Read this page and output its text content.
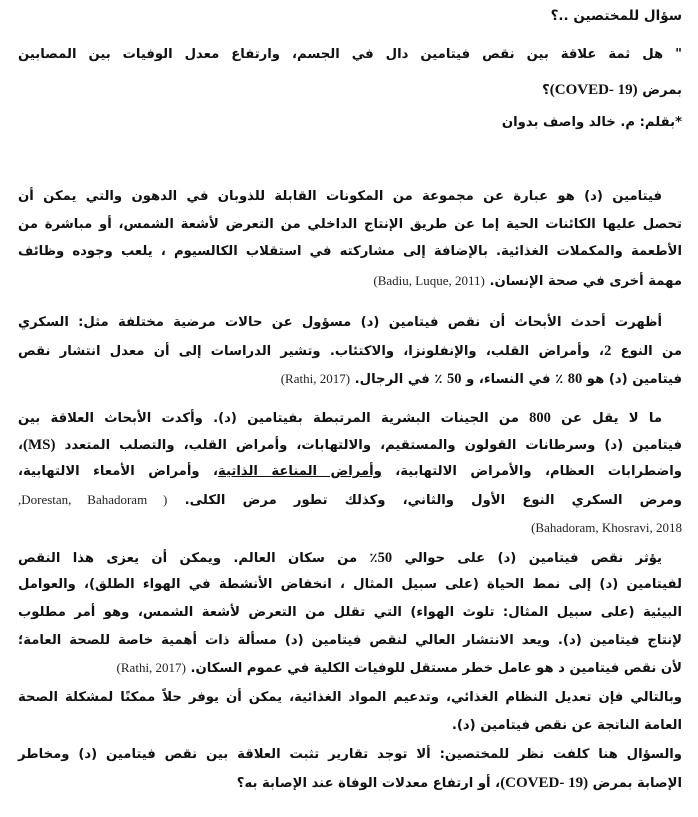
سؤال للمختصين ..؟
" هل ثمة علاقة بين نقص فيتامين دال في الجسم، وارتفاع معدل الوفيات بين المصابين
بمرض (COVED- 19)؟
*بقلم: م. خالد واصف بدوان
فيتامين (د) هو عبارة عن مجموعة من المكونات القابلة للذوبان في الدهون والتي يمكن أن
تحصل عليها الكائنات الحية إما عن طريق الإنتاج الداخلي من التعرض لأشعة الشمس، أو مباشرة من
الأطعمة والمكملات الغذائية. بالإضافة إلى مشاركته في استقلاب الكالسيوم ، يلعب وجوده وظائف
مهمة أخرى في صحة الإنسان. (Badiu, Luque, 2011)
أظهرت أحدث الأبحاث أن نقص فيتامين (د) مسؤول عن حالات مرضية مختلفة مثل: السكري
من النوع 2، وأمراض القلب، والإنفلونزا، والاكتئاب. وتشير الدراسات إلى أن معدل انتشار نقص
فيتامين (د) هو 80 ٪ في النساء، و 50 ٪ في الرجال. (Rathi, 2017)
ما لا يقل عن 800 من الجينات البشرية المرتبطة بفيتامين (د). وأكدت الأبحاث العلاقة بين
فيتامين (د) وسرطانات القولون والمستقيم، والالتهابات، وأمراض القلب، والتصلب المتعدد (MS)،
واضطرابات العظام، والأمراض الالتهابية، وأمراض المناعة الذاتية، وأمراض الأمعاء الالتهابية،
ومرض السكري النوع الأول والثاني، وكذلك تطور مرض الكلى. ( Dorestan, Bahadoram,
(Bahadoram, Khosravi, 2018
يؤثر نقص فيتامين (د) على حوالي 50٪ من سكان العالم. ويمكن أن يعزى هذا النقص
لفيتامين (د) إلى نمط الحياة (على سبيل المثال ، انخفاض الأنشطة في الهواء الطلق)، والعوامل
البيئية (على سبيل المثال: تلوث الهواء) التي تقلل من التعرض لأشعة الشمس، وهو أمر مطلوب
لإنتاج فيتامين (د). ويعد الانتشار العالي لنقص فيتامين (د) مسألة ذات أهمية خاصة للصحة العامة؛
لأن نقص فيتامين د هو عامل خطر مستقل للوفيات الكلية في عموم السكان. (Rathi, 2017)
وبالتالي فإن تعديل النظام الغذائي، وتدعيم المواد الغذائية، يمكن أن يوفر حلاً ممكنًا لمشكلة الصحة
العامة الناتجة عن نقص فيتامين (د).
والسؤال هنا كلفت نظر للمختصين: ألا توجد تقارير تثبت العلاقة بين نقص فيتامين (د) ومخاطر
الإصابة بمرض (COVED- 19)، أو ارتفاع معدلات الوفاة عند الإصابة به؟
